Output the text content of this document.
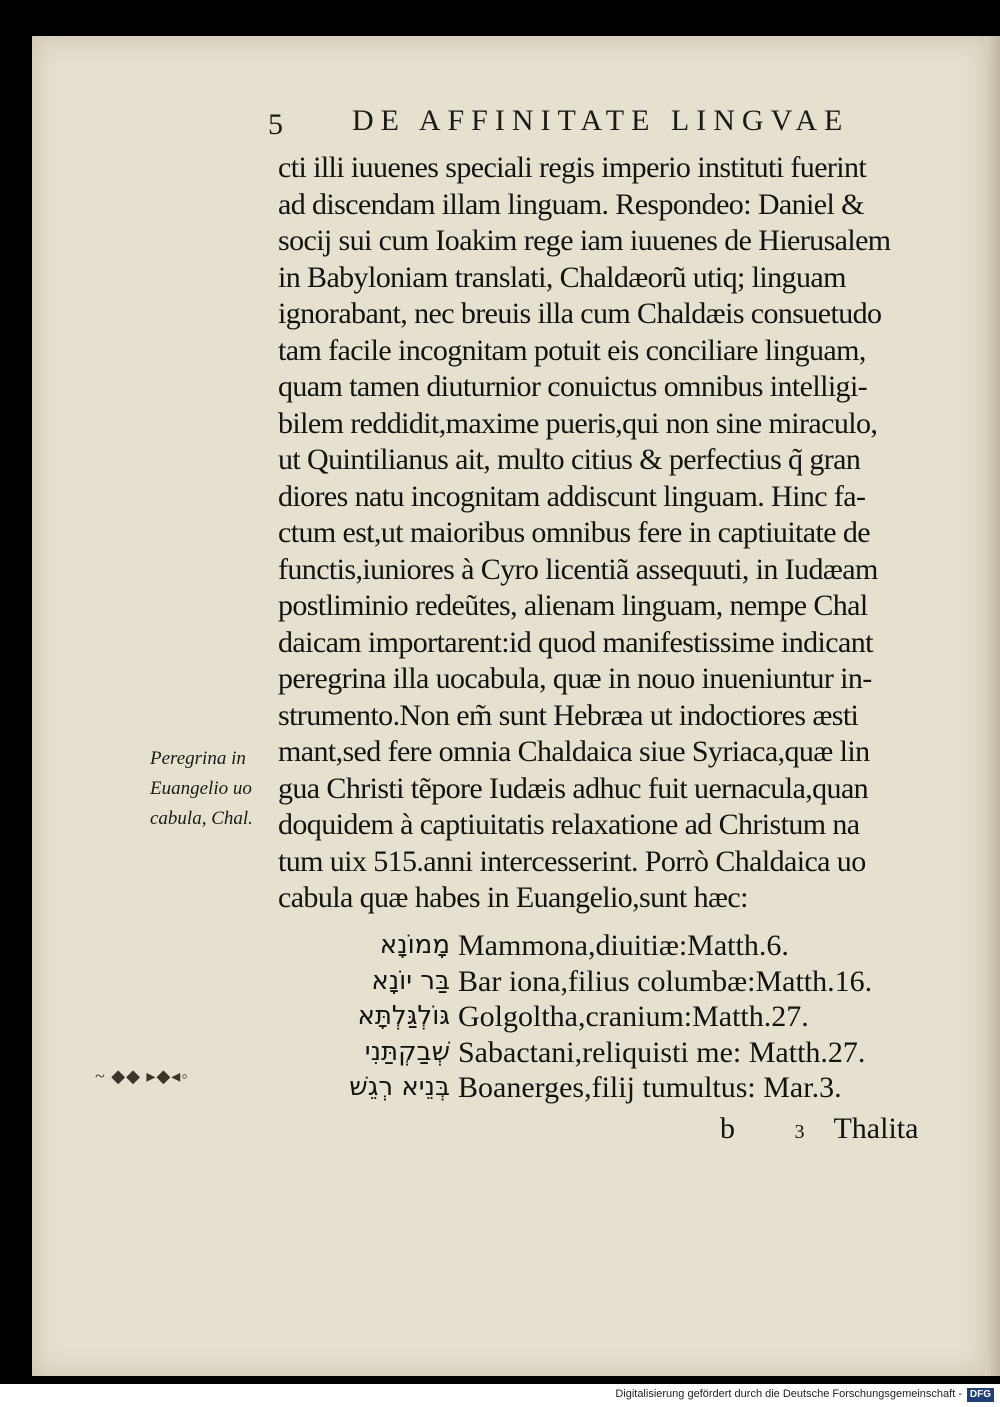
5 DE AFFINITATE LINGVAE
cti illi iuuenes speciali regis imperio instituti fuerint
ad discendam illam linguam. Respondeo: Daniel &
socij sui cum Ioakim rege iam iuuenes de Hierusalem
in Babyloniam translati, Chaldæorũ utiq; linguam
ignorabant, nec breuis illa cum Chaldæis consuetudo
tam facile incognitam potuit eis conciliare linguam,
quam tamen diuturnior conuictus omnibus intelligi-
bilem reddidit,maxime pueris,qui non sine miraculo,
ut Quintilianus ait, multo citius & perfectius q̃ gran
diores natu incognitam addiscunt linguam. Hinc fa-
ctum est,ut maioribus omnibus fere in captiuitate de
functis,iuniores à Cyro licentiã assequuti, in Iudæam
postliminio redeũtes, alienam linguam, nempe Chal
daicam importarent:id quod manifestissime indicant
peregrina illa uocabula, quæ in nouo inueniuntur in-
strumento.Non em̃ sunt Hebræa ut indoctiores æsti
mant,sed fere omnia Chaldaica siue Syriaca,quæ lin
gua Christi tẽpore Iudæis adhuc fuit uernacula,quan
doquidem à captiuitatis relaxatione ad Christum na
tum uix 515.anni intercesserint. Porrò Chaldaica uo
cabula quæ habes in Euangelio,sunt hæc:
מָמוֹנָא Mammona,diuitiæ:Matth.6.
בַּר יוֹנָא Bar iona,filius columbæ:Matth.16.
גּוֹלְגַּלְתָּא Golgoltha,cranium:Matth.27.
שְׁבַקְתַּנִי Sabactani,reliquisti me: Matth.27.
בְּנֵיא רְגֵשׁ Boanerges,filij tumultus: Mar.3.
Peregrina in
Euangelio uo
cabula, Chal.
~ ◆◆ ▸◆◂◦
b	3 Thalita
Digitalisierung gefördert durch die Deutsche Forschungsgemeinschaft - DFG
